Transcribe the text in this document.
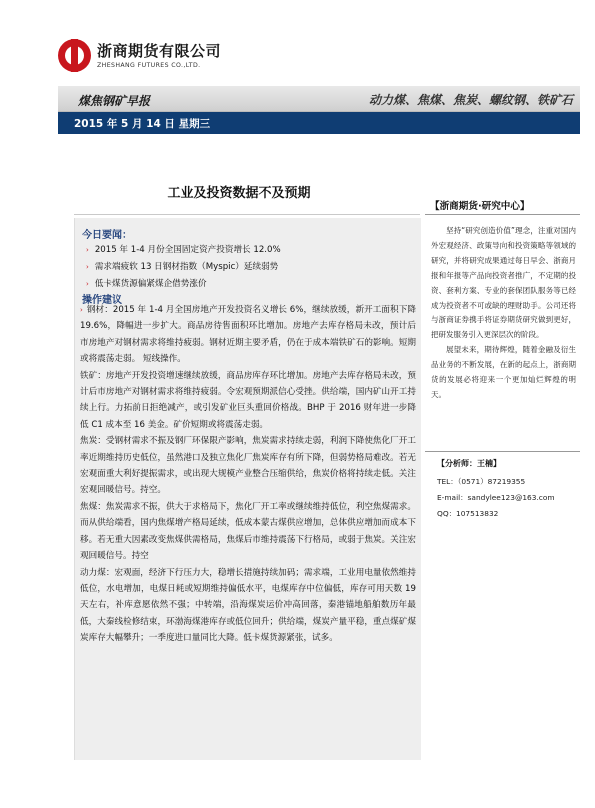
浙商期货有限公司
ZHESHANG FUTURES CO.,LTD.
煤焦钢矿早报	动力煤、焦煤、焦炭、螺纹钢、铁矿石
2015 年 5 月 14 日 星期三
工业及投资数据不及预期
今日要闻：
› 2015 年 1-4 月份全国固定资产投资增长 12.0%
› 需求端疲软 13 日钢材指数（Myspic）延续弱势
› 低卡煤货源偏紧煤企借势涨价
操作建议

› 钢材：2015 年 1-4 月全国房地产开发投资名义增长 6%，继续放缓，新开工面积下降 19.6%，降幅进一步扩大。商品房待售面积环比增加。房地产去库存格局未改，预计后市房地产对钢材需求将维持疲弱。钢材近期主要矛盾，仍在于成本端铁矿石的影响。短期或将震荡走弱。 短线操作。

铁矿：房地产开发投资增速继续放缓，商品房库存环比增加。房地产去库存格局未改，预计后市房地产对钢材需求将维持疲弱。令宏观预期派信心受挫。供给端，国内矿山开工持续上行。力拓前日拒绝减产，或引发矿业巨头重回价格战。BHP 于 2016 财年进一步降低 C1 成本至 16 美金。矿价短期或将震荡走弱。

焦炭：受钢材需求不振及钢厂环保限产影响，焦炭需求持续走弱，利润下降使焦化厂开工率近期维持历史低位，虽然港口及独立焦化厂焦炭库存有所下降，但弱势格局难改。若无宏观面重大利好提振需求，或出现大规模产业整合压缩供给，焦炭价格将持续走低。关注宏观回暖信号。持空。

焦煤：焦炭需求不振，供大于求格局下，焦化厂开工率或继续维持低位，利空焦煤需求。而从供给端看，国内焦煤增产格局延续，低成本蒙古煤供应增加，总体供应增加而成本下移。若无重大因素改变焦煤供需格局，焦煤后市维持震荡下行格局，或弱于焦炭。关注宏观回暖信号。持空

动力煤：宏观面，经济下行压力大，稳增长措施持续加码；需求端，工业用电量依然维持低位，水电增加，电煤日耗或短期维持偏低水平，电煤库存中位偏低，库存可用天数 19 天左右，补库意愿依然不强；中转端，沿海煤炭运价冲高回落，秦港锚地船舶数历年最低，大秦线检修结束，环渤海煤港库存或低位回升；供给端，煤炭产量平稳，重点煤矿煤炭库存大幅攀升；一季度进口量同比大降。低卡煤货源紧张，试多。

【浙商期货·研究中心】

坚持“研究创造价值”理念，注重对国内外宏观经济、政策导向和投资策略等领域的研究，并将研究成果通过每日早会、浙商月报和年报等产品向投资者推广，不定期的投资、套利方案、专业的套保团队服务等已经成为投资者不可或缺的理财助手。公司还将与浙商证券携手将证券期货研究做到更好，把研发服务引入更深层次的阶段。

展望未来，期待辉煌，随着金融及衍生品业务的不断发展，在新的起点上，浙商期货的发展必将迎来一个更加灿烂辉煌的明天。

【分析师：王楠】
TEL：（0571）87219355
E-mail：sandylee123@163.com
QQ：107513832
